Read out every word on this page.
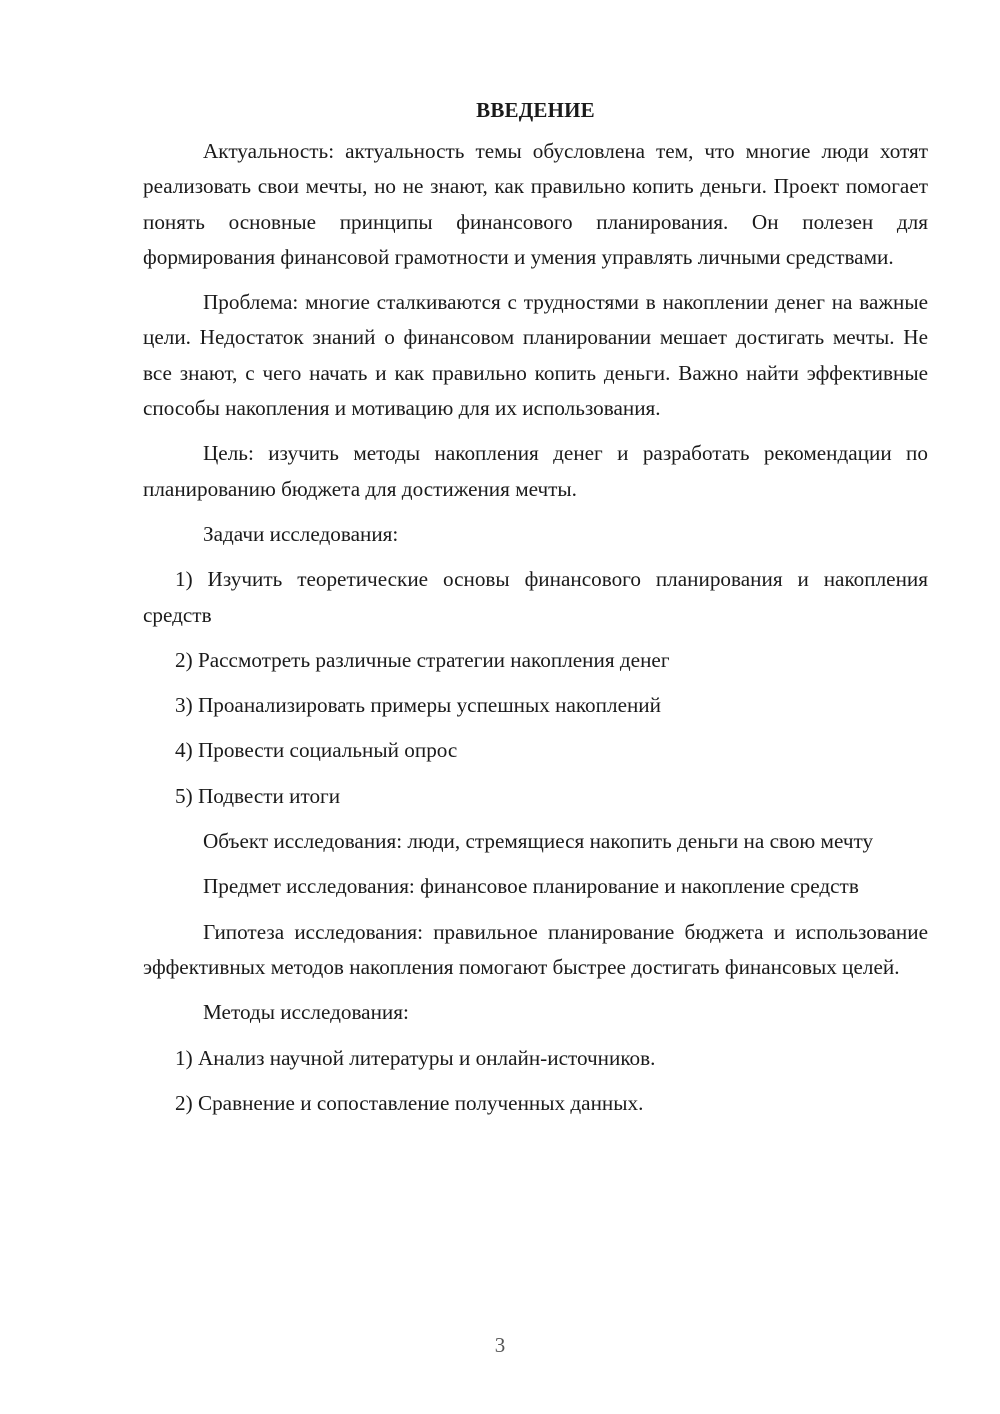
ВВЕДЕНИЕ

Актуальность: актуальность темы обусловлена тем, что многие люди хотят реализовать свои мечты, но не знают, как правильно копить деньги. Проект помогает понять основные принципы финансового планирования. Он полезен для формирования финансовой грамотности и умения управлять личными средствами.

Проблема: многие сталкиваются с трудностями в накоплении денег на важные цели. Недостаток знаний о финансовом планировании мешает достигать мечты. Не все знают, с чего начать и как правильно копить деньги. Важно найти эффективные способы накопления и мотивацию для их использования.

Цель: изучить методы накопления денег и разработать рекомендации по планированию бюджета для достижения мечты.

Задачи исследования:

1) Изучить теоретические основы финансового планирования и накопления средств

2) Рассмотреть различные стратегии накопления денег

3) Проанализировать примеры успешных накоплений

4) Провести социальный опрос

5) Подвести итоги

Объект исследования: люди, стремящиеся накопить деньги на свою мечту

Предмет исследования: финансовое планирование и накопление средств

Гипотеза исследования: правильное планирование бюджета и использование эффективных методов накопления помогают быстрее достигать финансовых целей.

Методы исследования:

1) Анализ научной литературы и онлайн-источников.

2) Сравнение и сопоставление полученных данных.

3
